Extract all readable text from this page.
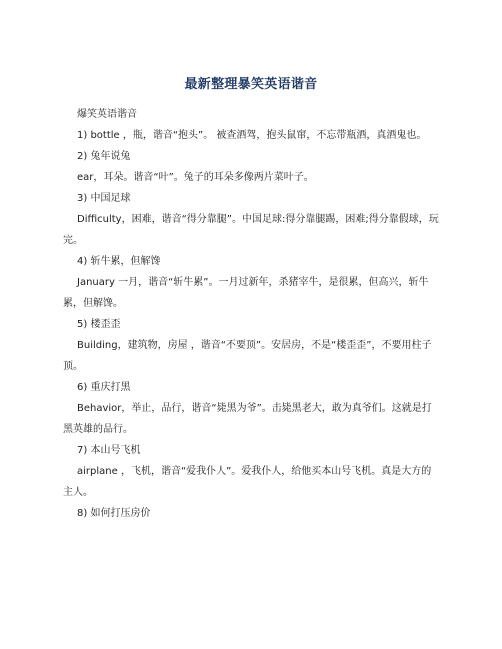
最新整理暴笑英语谐音

爆笑英语谐音

1) bottle ，瓶，谐音“抱头”。 被查酒驾，抱头鼠窜，不忘带瓶酒，真酒鬼也。

2) 兔年说兔

ear，耳朵。谐音“叶”。兔子的耳朵多像两片菜叶子。

3) 中国足球

Difficulty，困难，谐音“得分靠腿”。中国足球:得分靠腿踢，困难;得分靠假球，玩完。

4) 斩牛累，但解馋

January 一月，谐音“斩牛累”。一月过新年，杀猪宰牛，是很累，但高兴，斩牛累，但解馋。

5) 楼歪歪

Building，建筑物，房屋 ，谐音“不要顶”。安居房，不是“楼歪歪”，不要用柱子顶。

6) 重庆打黑

Behavior，举止，品行，谐音“毙黑为爷”。击毙黑老大，敢为真爷们。这就是打黑英雄的品行。

7) 本山号飞机

airplane ，飞机，谐音“爱我仆人”。爱我仆人，给他买本山号飞机。真是大方的主人。

8) 如何打压房价
